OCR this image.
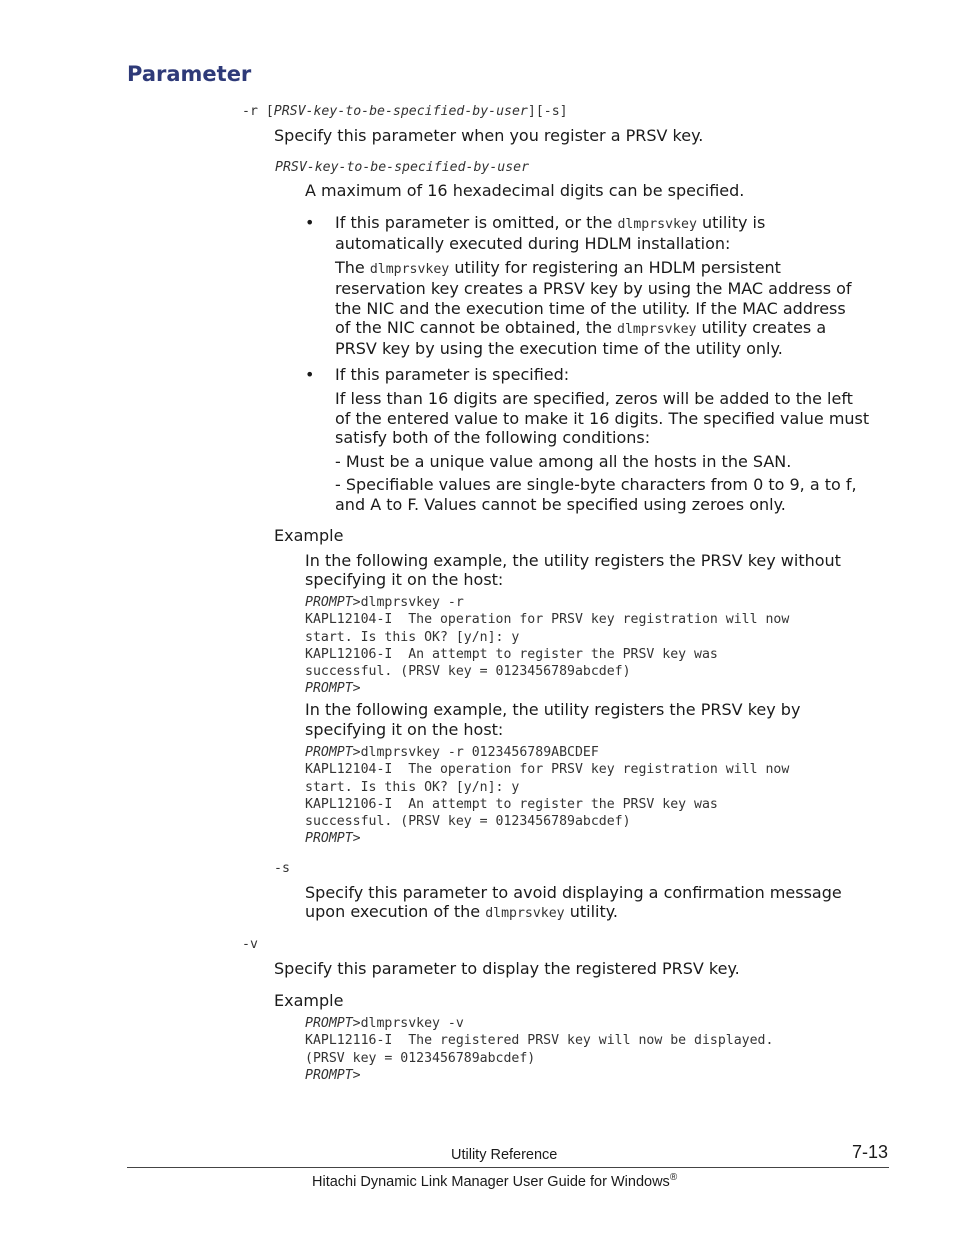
Parameter
-r [PRSV-key-to-be-specified-by-user][-s]
Specify this parameter when you register a PRSV key.
PRSV-key-to-be-specified-by-user
A maximum of 16 hexadecimal digits can be specified.
• If this parameter is omitted, or the dlmprsvkey utility is
automatically executed during HDLM installation:
The dlmprsvkey utility for registering an HDLM persistent
reservation key creates a PRSV key by using the MAC address of
the NIC and the execution time of the utility. If the MAC address
of the NIC cannot be obtained, the dlmprsvkey utility creates a
PRSV key by using the execution time of the utility only.
• If this parameter is specified:
If less than 16 digits are specified, zeros will be added to the left
of the entered value to make it 16 digits. The specified value must
satisfy both of the following conditions:
- Must be a unique value among all the hosts in the SAN.
- Specifiable values are single-byte characters from 0 to 9, a to f,
and A to F. Values cannot be specified using zeroes only.
Example
In the following example, the utility registers the PRSV key without
specifying it on the host:
PROMPT>dlmprsvkey -r
KAPL12104-I  The operation for PRSV key registration will now
start. Is this OK? [y/n]: y
KAPL12106-I  An attempt to register the PRSV key was
successful. (PRSV key = 0123456789abcdef)
PROMPT>
In the following example, the utility registers the PRSV key by
specifying it on the host:
PROMPT>dlmprsvkey -r 0123456789ABCDEF
KAPL12104-I  The operation for PRSV key registration will now
start. Is this OK? [y/n]: y
KAPL12106-I  An attempt to register the PRSV key was
successful. (PRSV key = 0123456789abcdef)
PROMPT>
-s
Specify this parameter to avoid displaying a confirmation message
upon execution of the dlmprsvkey utility.
-v
Specify this parameter to display the registered PRSV key.
Example
PROMPT>dlmprsvkey -v
KAPL12116-I  The registered PRSV key will now be displayed.
(PRSV key = 0123456789abcdef)
PROMPT>
Utility Reference	7-13
Hitachi Dynamic Link Manager User Guide for Windows®
